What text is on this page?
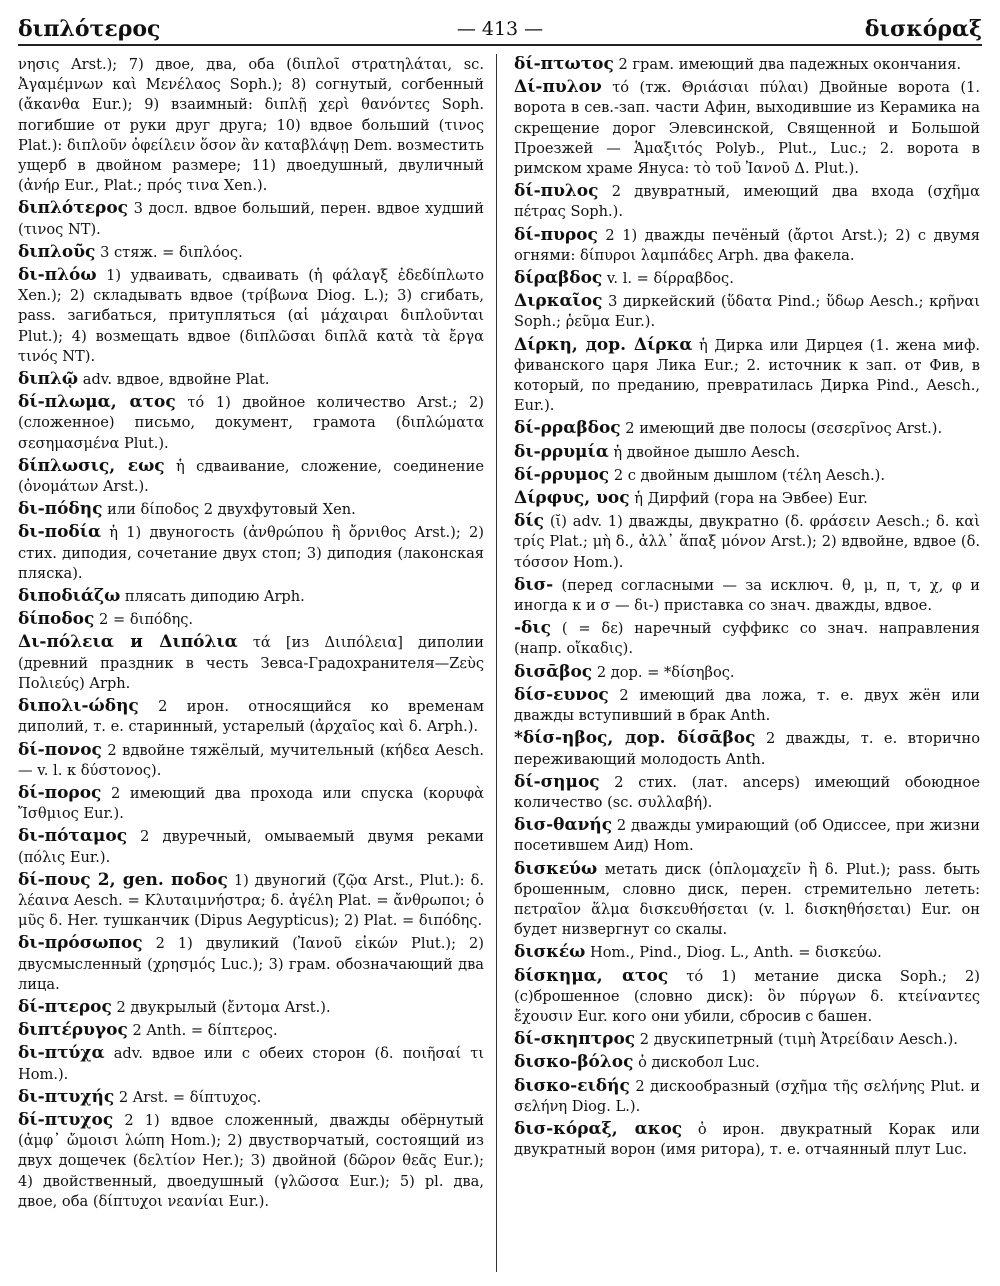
διπλότερος	— 413 —	δισκόραξ

νησις Arst.); 7) двое, два, оба (διπλοῖ στρατηλάται, sc. Ἀγαμέμνων καὶ Μενέλαος Soph.); 8) согнутый, согбенный (ἄκανθα Eur.); 9) взаимный: διπλῇ χερὶ θανόντες Soph. погибшие от руки друг друга; 10) вдвое больший (τινος Plat.): διπλοῦν ὀφείλειν ὅσον ἂν καταβλάψῃ Dem. возместить ущерб в двойном размере; 11) двоедушный, двуличный (ἀνήρ Eur., Plat.; πρός τινα Xen.).

διπλότερος 3 досл. вдвое больший, перен. вдвое худший (τινος NT).

διπλοῦς 3 стяж. = διπλόος.

δι-πλόω 1) удваивать, сдваивать (ἡ φάλαγξ ἐδεδίπλωτο Xen.); 2) складывать вдвое (τρίβωνα Diog. L.); 3) сгибать, pass. загибаться, притупляться (αἱ μάχαιραι διπλοῦνται Plut.); 4) возмещать вдвое (διπλῶσαι διπλᾶ κατὰ τὰ ἔργα τινός NT).

διπλῷ adv. вдвое, вдвойне Plat.

δί-πλωμα, ατος τό 1) двойное количество Arst.; 2) (сложенное) письмо, документ, грамота (διπλώματα σεσημασμένα Plut.).

δίπλωσις, εως ἡ сдваивание, сложение, соединение (ὀνομάτων Arst.).

δι-πόδης или δίποδος 2 двухфутовый Xen.

δι-ποδία ἡ 1) двуногость (ἀνθρώπου ἢ ὄρνιθος Arst.); 2) стих. диподия, сочетание двух стоп; 3) диподия (лаконская пляска).

διποδιάζω плясать диподию Arph.

δίποδος 2 = διπόδης.

Δι-πόλεια и Διπόλια τά [из Διιπόλεια] диполии (древний праздник в честь Зевса-Градохранителя—Ζεὺς Πολιεύς) Arph.

διπολι-ώδης 2 ирон. относящийся ко временам диполий, т. е. старинный, устарелый (ἀρχαῖος καὶ δ. Arph.).

δί-πονος 2 вдвойне тяжёлый, мучительный (κήδεα Aesch. — v. l. к δύστονος).

δί-πορος 2 имеющий два прохода или спуска (κορυφὰ Ἴσθμιος Eur.).

δι-πόταμος 2 двуречный, омываемый двумя реками (πόλις Eur.).

δί-πους 2, gen. ποδος 1) двуногий (ζῷα Arst., Plut.): δ. λέαινα Aesch. = Κλυταιμνήστρα; δ. ἀγέλη Plat. = ἄνθρωποι; ὁ μῦς δ. Her. тушканчик (Dipus Aegypticus); 2) Plat. = διπόδης.

δι-πρόσωπος 2 1) двуликий (Ἰανοῦ εἰκών Plut.); 2) двусмысленный (χρησμός Luc.); 3) грам. обозначающий два лица.

δί-πτερος 2 двукрылый (ἔντομα Arst.).

διπτέρυγος 2 Anth. = δίπτερος.

δι-πτύχα adv. вдвое или с обеих сторон (δ. ποιῆσαί τι Hom.).

δι-πτυχής 2 Arst. = δίπτυχος.

δί-πτυχος 2 1) вдвое сложенный, дважды обёрнутый (ἀμφ᾽ ὤμοισι λώπη Hom.); 2) двустворчатый, состоящий из двух дощечек (δελτίον Her.); 3) двойной (δῶρον θεᾶς Eur.); 4) двойственный, двоедушный (γλῶσσα Eur.); 5) pl. два, двое, оба (δίπτυχοι νεανίαι Eur.).

δί-πτωτος 2 грам. имеющий два падежных окончания.

Δί-πυλον τό (тж. Θριάσιαι πύλαι) Двойные ворота (1. ворота в сев.-зап. части Афин, выходившие из Керамика на скрещение дорог Элевсинской, Священной и Большой Проезжей — Ἁμαξιτός Polyb., Plut., Luc.; 2. ворота в римском храме Януса: τὸ τοῦ Ἰανοῦ Δ. Plut.).

δί-πυλος 2 двувратный, имеющий два входа (σχῆμα πέτρας Soph.).

δί-πυρος 2 1) дважды печёный (ἄρτοι Arst.); 2) с двумя огнями: δίπυροι λαμπάδες Arph. два факела.

δίραβδος v. l. = δίρραβδος.

Διρκαῖος 3 диркейский (ὕδατα Pind.; ὕδωρ Aesch.; κρῆναι Soph.; ῥεῦμα Eur.).

Δίρκη, дор. Δίρκα ἡ Дирка или Дирцея (1. жена миф. фиванского царя Лика Eur.; 2. источник к зап. от Фив, в который, по преданию, превратилась Дирка Pind., Aesch., Eur.).

δί-ρραβδος 2 имеющий две полосы (σεσερῖνος Arst.).

δι-ρρυμία ἡ двойное дышло Aesch.

δί-ρρυμος 2 с двойным дышлом (τέλη Aesch.).

Δίρφυς, υος ἡ Дирфий (гора на Эвбее) Eur.

δίς (ῐ) adv. 1) дважды, двукратно (δ. φράσειν Aesch.; δ. καὶ τρίς Plat.; μὴ δ., ἀλλ᾽ ἅπαξ μόνον Arst.); 2) вдвойне, вдвое (δ. τόσσον Hom.).

δισ- (перед согласными — за исключ. θ, μ, π, τ, χ, φ и иногда κ и σ — δι-) приставка со знач. дважды, вдвое.

-δις ( = δε) наречный суффикс со знач. направления (напр. οἴκαδις).

δισᾱβος 2 дор. = *δίσηβος.

δίσ-ευνος 2 имеющий два ложа, т. е. двух жён или дважды вступивший в брак Anth.

*δίσ-ηβος, дор. δίσᾱβος 2 дважды, т. е. вторично переживающий молодость Anth.

δί-σημος 2 стих. (лат. anceps) имеющий обоюдное количество (sc. συλλαβή).

δισ-θανής 2 дважды умирающий (об Одиссее, при жизни посетившем Аид) Hom.

δισκεύω метать диск (ὁπλομαχεῖν ἢ δ. Plut.); pass. быть брошенным, словно диск, перен. стремительно лететь: πετραῖον ἅλμα δισκευθήσεται (v. l. δισκηθήσεται) Eur. он будет низвергнут со скалы.

δισκέω Hom., Pind., Diog. L., Anth. = δισκεύω.

δίσκημα, ατος τό 1) метание диска Soph.; 2) (с)брошенное (словно диск): ὃν πύργων δ. κτείναντες ἔχουσιν Eur. кого они убили, сбросив с башен.

δί-σκηπτρος 2 двускипетрный (τιμὴ Ἀτρείδαιν Aesch.).

δισκο-βόλος ὁ дискобол Luc.

δισκο-ειδής 2 дискообразный (σχῆμα τῆς σελήνης Plut. и σελήνη Diog. L.).

δισ-κόραξ, ακος ὁ ирон. двукратный Корак или двукратный ворон (имя ритора), т. е. отчаянный плут Luc.
